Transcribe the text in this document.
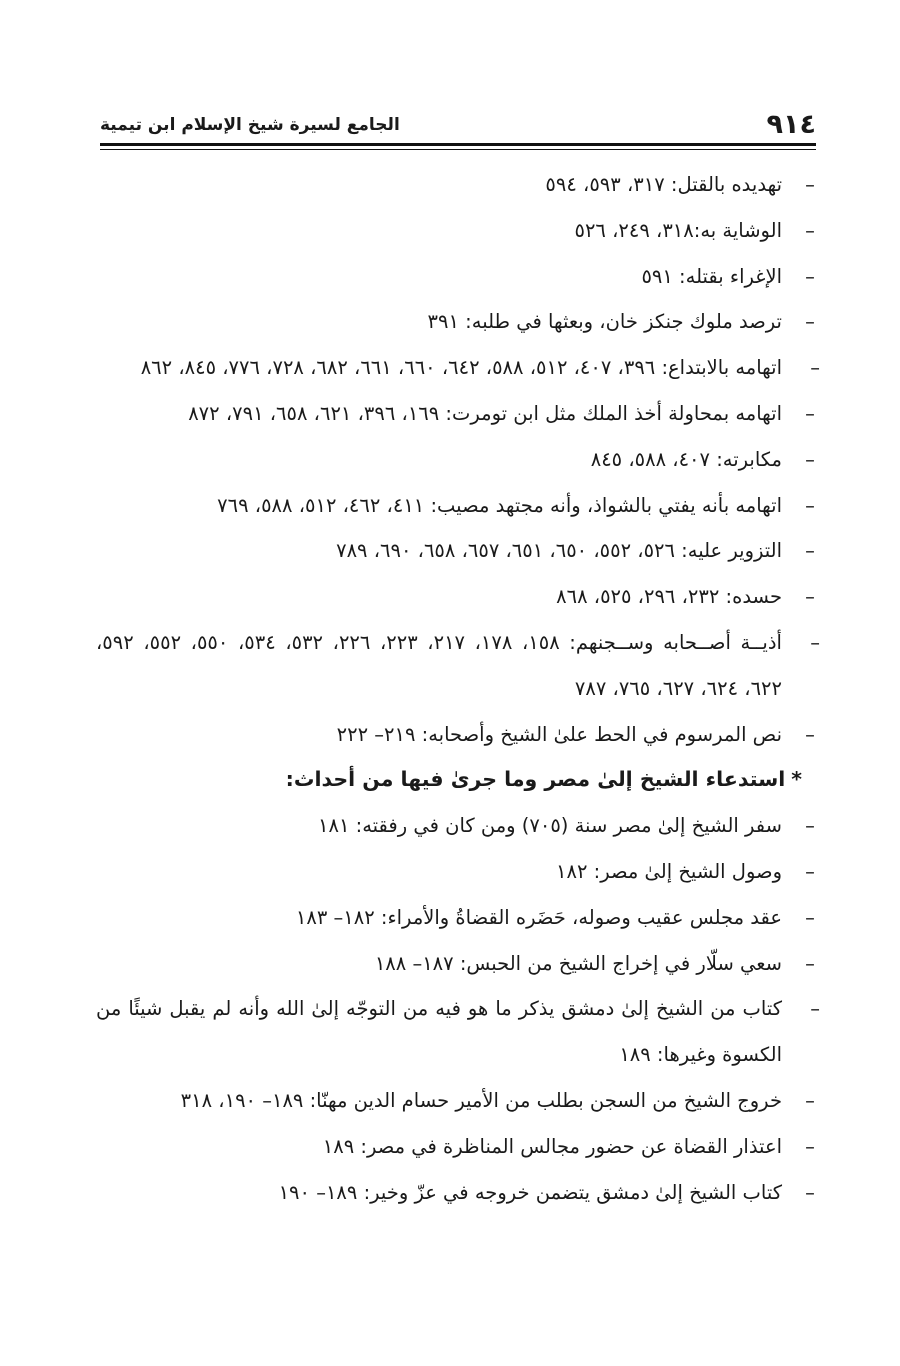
٩١٤
الجامع لسيرة شيخ الإسلام ابن تيمية
–
تهديده بالقتل: ٣١٧، ٥٩٣، ٥٩٤
–
الوشاية به:٣١٨، ٢٤٩، ٥٢٦
–
الإغراء بقتله: ٥٩١
–
ترصد ملوك جنكز خان، وبعثها في طلبه: ٣٩١
–
اتهامه بالابتداع: ٣٩٦، ٤٠٧، ٥١٢، ٥٨٨، ٦٤٢، ٦٦٠، ٦٦١، ٦٨٢، ٧٢٨، ٧٧٦، ٨٤٥، ٨٦٢
–
اتهامه بمحاولة أخذ الملك مثل ابن تومرت: ١٦٩، ٣٩٦، ٦٢١، ٦٥٨، ٧٩١، ٨٧٢
–
مكابرته: ٤٠٧، ٥٨٨، ٨٤٥
–
اتهامه بأنه يفتي بالشواذ، وأنه مجتهد مصيب: ٤١١، ٤٦٢، ٥١٢، ٥٨٨، ٧٦٩
–
التزوير عليه: ٥٢٦، ٥٥٢، ٦٥٠، ٦٥١، ٦٥٧، ٦٥٨، ٦٩٠، ٧٨٩
–
حسده: ٢٣٢، ٢٩٦، ٥٢٥، ٨٦٨
–
أذيــة أصــحابه وســجنهم: ١٥٨، ١٧٨، ٢١٧، ٢٢٣، ٢٢٦، ٥٣٢، ٥٣٤، ٥٥٠، ٥٥٢، ٥٩٢، ٦٢٢، ٦٢٤، ٦٢٧، ٧٦٥، ٧٨٧
–
نص المرسوم في الحط علىٰ الشيخ وأصحابه: ٢١٩– ٢٢٢
*استدعاء الشيخ إلىٰ مصر وما جرىٰ فيها من أحداث:
–
سفر الشيخ إلىٰ مصر سنة (٧٠٥) ومن كان في رفقته: ١٨١
–
وصول الشيخ إلىٰ مصر: ١٨٢
–
عقد مجلس عقيب وصوله، حَضَره القضاةُ والأمراء: ١٨٢– ١٨٣
–
سعي سلّار في إخراج الشيخ من الحبس: ١٨٧– ١٨٨
–
كتاب من الشيخ إلىٰ دمشق يذكر ما هو فيه من التوجّه إلىٰ الله وأنه لم يقبل شيئًا من الكسوة وغيرها: ١٨٩
–
خروج الشيخ من السجن بطلب من الأمير حسام الدين مهنّا: ١٨٩– ١٩٠، ٣١٨
–
اعتذار القضاة عن حضور مجالس المناظرة في مصر: ١٨٩
–
كتاب الشيخ إلىٰ دمشق يتضمن خروجه في عزّ وخير: ١٨٩– ١٩٠
